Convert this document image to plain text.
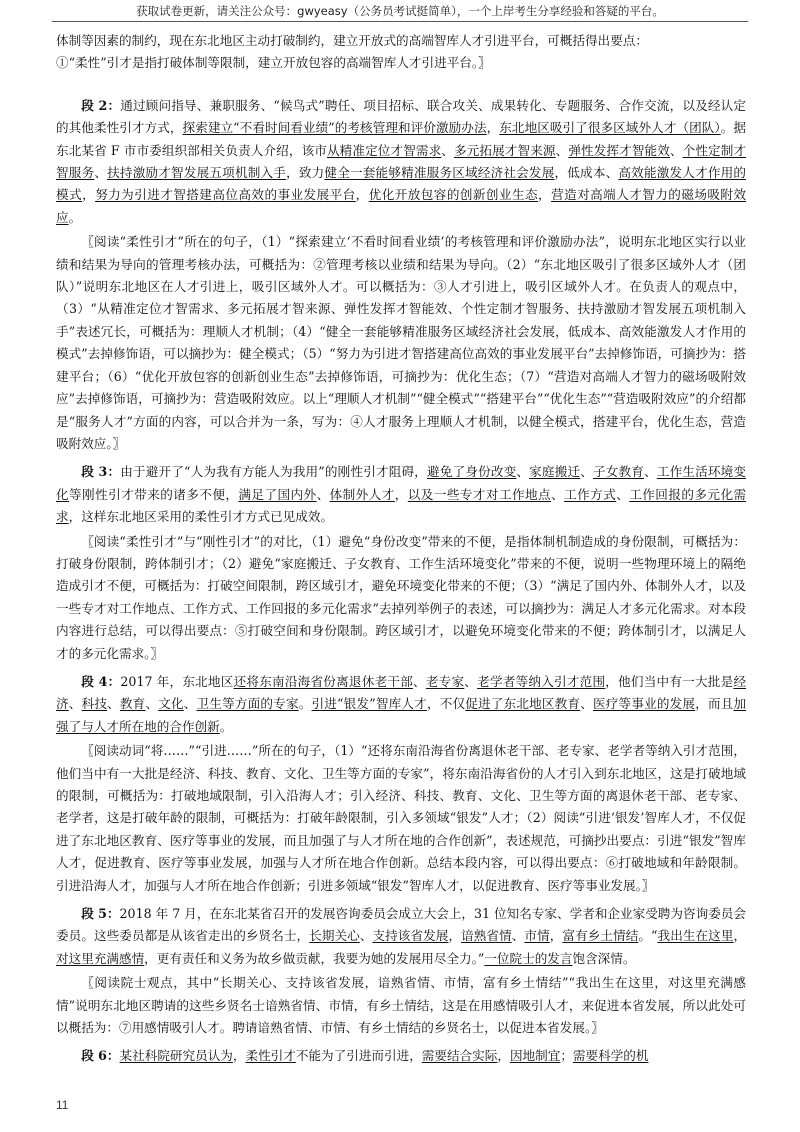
获取试卷更新，请关注公众号：gwyeasy（公务员考试挺简单），一个上岸考生分享经验和答疑的平台。

体制等因素的制约，现在东北地区主动打破制约，建立开放式的高端智库人才引进平台，可概括得出要点：

①“柔性”引才是指打破体制等限制，建立开放包容的高端智库人才引进平台。〗

段 2：通过顾问指导、兼职服务、“候鸟式”聘任、项目招标、联合攻关、成果转化、专题服务、合作交流，以及经认定的其他柔性引才方式，探索建立“不看时间看业绩”的考核管理和评价激励办法，东北地区吸引了很多区域外人才（团队）。据东北某省 F 市市委组织部相关负责人介绍，该市从精准定位才智需求、多元拓展才智来源、弹性发挥才智能效、个性定制才智服务、扶持激励才智发展五项机制入手，致力健全一套能够精准服务区域经济社会发展，低成本、高效能激发人才作用的模式，努力为引进才智搭建高位高效的事业发展平台，优化开放包容的创新创业生态，营造对高端人才智力的磁场吸附效应。

〖阅读“柔性引才”所在的句子，（1）“探索建立‘不看时间看业绩’的考核管理和评价激励办法”，说明东北地区实行以业绩和结果为导向的管理考核办法，可概括为：②管理考核以业绩和结果为导向。（2）“东北地区吸引了很多区域外人才（团队）”说明东北地区在人才引进上，吸引区域外人才。可以概括为：③人才引进上，吸引区域外人才。在负责人的观点中，（3）“从精准定位才智需求、多元拓展才智来源、弹性发挥才智能效、个性定制才智服务、扶持激励才智发展五项机制入手”表述冗长，可概括为：理顺人才机制；（4）“健全一套能够精准服务区域经济社会发展，低成本、高效能激发人才作用的模式”去掉修饰语，可以摘抄为：健全模式；（5）“努力为引进才智搭建高位高效的事业发展平台”去掉修饰语，可摘抄为：搭建平台；（6）“优化开放包容的创新创业生态”去掉修饰语，可摘抄为：优化生态；（7）“营造对高端人才智力的磁场吸附效应”去掉修饰语，可摘抄为：营造吸附效应。以上“理顺人才机制”“健全模式”“搭建平台”“优化生态”“营造吸附效应”的介绍都是“服务人才”方面的内容，可以合并为一条，写为：④人才服务上理顺人才机制，以健全模式，搭建平台，优化生态，营造吸附效应。〗

段 3：由于避开了“人为我有方能人为我用”的刚性引才阻碍，避免了身份改变、家庭搬迁、子女教育、工作生活环境变化等刚性引才带来的诸多不便，满足了国内外、体制外人才，以及一些专才对工作地点、工作方式、工作回报的多元化需求，这样东北地区采用的柔性引才方式已见成效。

〖阅读“柔性引才”与“刚性引才”的对比，（1）避免“身份改变”带来的不便，是指体制机制造成的身份限制，可概括为：打破身份限制，跨体制引才；（2）避免“家庭搬迁、子女教育、工作生活环境变化”带来的不便，说明一些物理环境上的隔绝造成引才不便，可概括为：打破空间限制，跨区域引才，避免环境变化带来的不便；（3）“满足了国内外、体制外人才，以及一些专才对工作地点、工作方式、工作回报的多元化需求”去掉列举例子的表述，可以摘抄为：满足人才多元化需求。对本段内容进行总结，可以得出要点：⑤打破空间和身份限制。跨区域引才，以避免环境变化带来的不便；跨体制引才，以满足人才的多元化需求。〗

段 4：2017 年，东北地区还将东南沿海省份离退休老干部、老专家、老学者等纳入引才范围，他们当中有一大批是经济、科技、教育、文化、卫生等方面的专家。引进“银发”智库人才，不仅促进了东北地区教育、医疗等事业的发展，而且加强了与人才所在地的合作创新。

〖阅读动词“将……”“引进……”所在的句子，（1）“还将东南沿海省份离退休老干部、老专家、老学者等纳入引才范围，他们当中有一大批是经济、科技、教育、文化、卫生等方面的专家”，将东南沿海省份的人才引入到东北地区，这是打破地域的限制，可概括为：打破地域限制，引入沿海人才；引入经济、科技、教育、文化、卫生等方面的离退休老干部、老专家、老学者，这是打破年龄的限制，可概括为：打破年龄限制，引入多领域“银发”人才；（2）阅读“引进‘银发’智库人才，不仅促进了东北地区教育、医疗等事业的发展，而且加强了与人才所在地的合作创新”，表述规范，可摘抄出要点：引进“银发”智库人才，促进教育、医疗等事业发展，加强与人才所在地合作创新。总结本段内容，可以得出要点：⑥打破地域和年龄限制。引进沿海人才，加强与人才所在地合作创新；引进多领域“银发”智库人才，以促进教育、医疗等事业发展。〗

段 5：2018 年 7 月，在东北某省召开的发展咨询委员会成立大会上，31 位知名专家、学者和企业家受聘为咨询委员会委员。这些委员都是从该省走出的乡贤名士，长期关心、支持该省发展，谙熟省情、市情，富有乡土情结。“我出生在这里，对这里充满感情，更有责任和义务为故乡做贡献，我要为她的发展用尽全力。”一位院士的发言饱含深情。

〖阅读院士观点，其中“长期关心、支持该省发展，谙熟省情、市情，富有乡土情结”“我出生在这里，对这里充满感情”说明东北地区聘请的这些乡贤名士谙熟省情、市情，有乡土情结，这是在用感情吸引人才，来促进本省发展，所以此处可以概括为：⑦用感情吸引人才。聘请谙熟省情、市情、有乡土情结的乡贤名士，以促进本省发展。〗

段 6：某社科院研究员认为，柔性引才不能为了引进而引进，需要结合实际，因地制宜；需要科学的机

11
